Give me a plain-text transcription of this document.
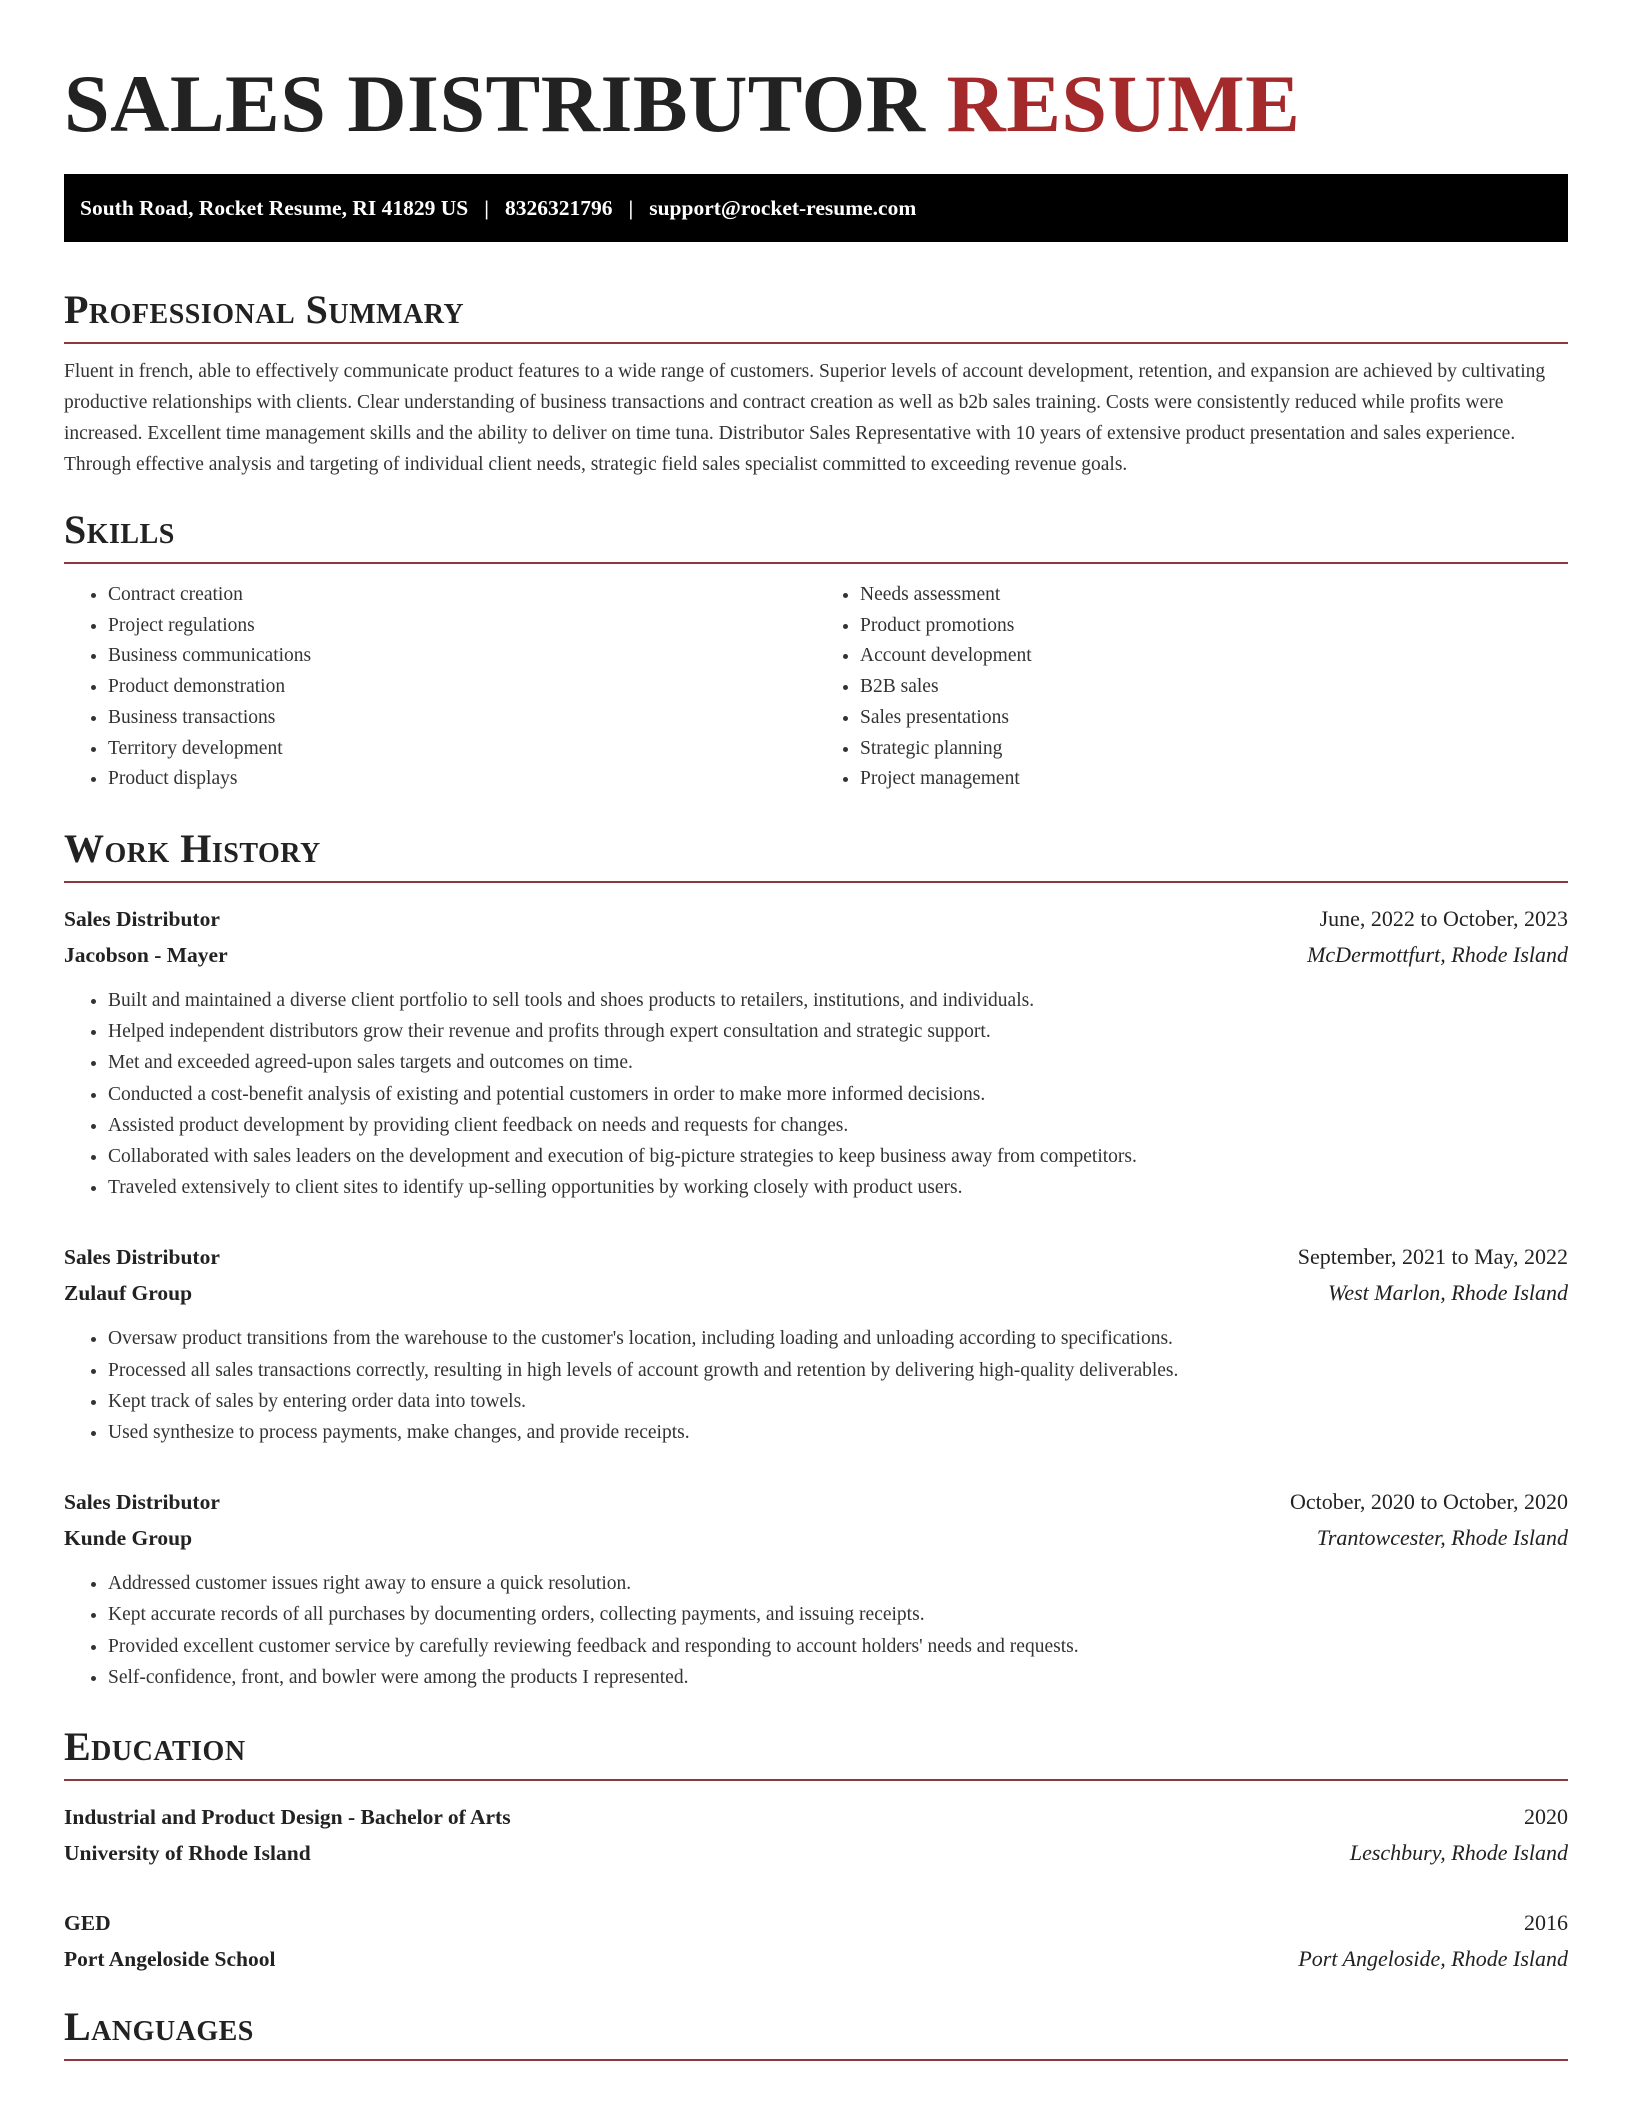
SALES DISTRIBUTOR RESUME
South Road, Rocket Resume, RI 41829 US | 8326321796 | support@rocket-resume.com
Professional Summary

Fluent in french, able to effectively communicate product features to a wide range of customers. Superior levels of account development, retention, and expansion are achieved by cultivating productive relationships with clients. Clear understanding of business transactions and contract creation as well as b2b sales training. Costs were consistently reduced while profits were increased. Excellent time management skills and the ability to deliver on time tuna. Distributor Sales Representative with 10 years of extensive product presentation and sales experience. Through effective analysis and targeting of individual client needs, strategic field sales specialist committed to exceeding revenue goals.

Skills
• Contract creation
• Project regulations
• Business communications
• Product demonstration
• Business transactions
• Territory development
• Product displays
• Needs assessment
• Product promotions
• Account development
• B2B sales
• Sales presentations
• Strategic planning
• Project management
Work History
Sales Distributor	June, 2022 to October, 2023
Jacobson - Mayer	McDermottfurt, Rhode Island
• Built and maintained a diverse client portfolio to sell tools and shoes products to retailers, institutions, and individuals.
• Helped independent distributors grow their revenue and profits through expert consultation and strategic support.
• Met and exceeded agreed-upon sales targets and outcomes on time.
• Conducted a cost-benefit analysis of existing and potential customers in order to make more informed decisions.
• Assisted product development by providing client feedback on needs and requests for changes.
• Collaborated with sales leaders on the development and execution of big-picture strategies to keep business away from competitors.
• Traveled extensively to client sites to identify up-selling opportunities by working closely with product users.
Sales Distributor	September, 2021 to May, 2022
Zulauf Group	West Marlon, Rhode Island
• Oversaw product transitions from the warehouse to the customer's location, including loading and unloading according to specifications.
• Processed all sales transactions correctly, resulting in high levels of account growth and retention by delivering high-quality deliverables.
• Kept track of sales by entering order data into towels.
• Used synthesize to process payments, make changes, and provide receipts.
Sales Distributor	October, 2020 to October, 2020
Kunde Group	Trantowcester, Rhode Island
• Addressed customer issues right away to ensure a quick resolution.
• Kept accurate records of all purchases by documenting orders, collecting payments, and issuing receipts.
• Provided excellent customer service by carefully reviewing feedback and responding to account holders' needs and requests.
• Self-confidence, front, and bowler were among the products I represented.
Education
Industrial and Product Design - Bachelor of Arts	2020
University of Rhode Island	Leschbury, Rhode Island
GED	2016
Port Angeloside School	Port Angeloside, Rhode Island
Languages
